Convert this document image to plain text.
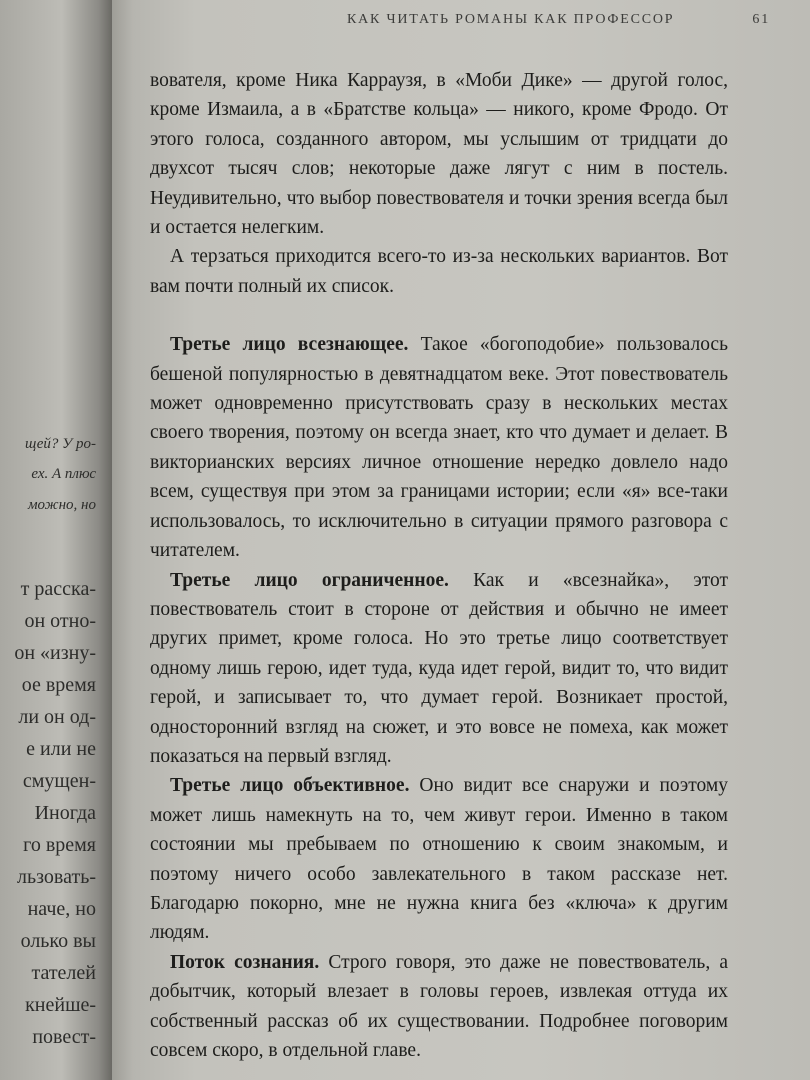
щей? У ро-
ех. А плюс
можно, но
т расска-
он отно-
он «изну-
ое время
ли он од-
е или не
смущен-
Иногда
го время
льзовать-
наче, но
олько вы
тателей
кнейше-
повест-
КАК ЧИТАТЬ РОМАНЫ КАК ПРОФЕССОР	61

вователя, кроме Ника Карраузя, в «Моби Дике» — другой голос, кроме Измаила, а в «Братстве кольца» — никого, кроме Фродо. От этого голоса, созданного автором, мы услышим от тридцати до двухсот тысяч слов; некоторые даже лягут с ним в постель. Неудивительно, что выбор повествователя и точки зрения всегда был и остается нелегким.

А терзаться приходится всего-то из-за нескольких вариантов. Вот вам почти полный их список.

Третье лицо всезнающее. Такое «богоподобие» пользовалось бешеной популярностью в девятнадцатом веке. Этот повествователь может одновременно присутствовать сразу в нескольких местах своего творения, поэтому он всегда знает, кто что думает и делает. В викторианских версиях личное отношение нередко довлело надо всем, существуя при этом за границами истории; если «я» все-таки использовалось, то исключительно в ситуации прямого разговора с читателем.

Третье лицо ограниченное. Как и «всезнайка», этот повествователь стоит в стороне от действия и обычно не имеет других примет, кроме голоса. Но это третье лицо соответствует одному лишь герою, идет туда, куда идет герой, видит то, что видит герой, и записывает то, что думает герой. Возникает простой, односторонний взгляд на сюжет, и это вовсе не помеха, как может показаться на первый взгляд.

Третье лицо объективное. Оно видит все снаружи и поэтому может лишь намекнуть на то, чем живут герои. Именно в таком состоянии мы пребываем по отношению к своим знакомым, и поэтому ничего особо завлекательного в таком рассказе нет. Благодарю покорно, мне не нужна книга без «ключа» к другим людям.

Поток сознания. Строго говоря, это даже не повествователь, а добытчик, который влезает в головы героев, извлекая оттуда их собственный рассказ об их существовании. Подробнее поговорим совсем скоро, в отдельной главе.
